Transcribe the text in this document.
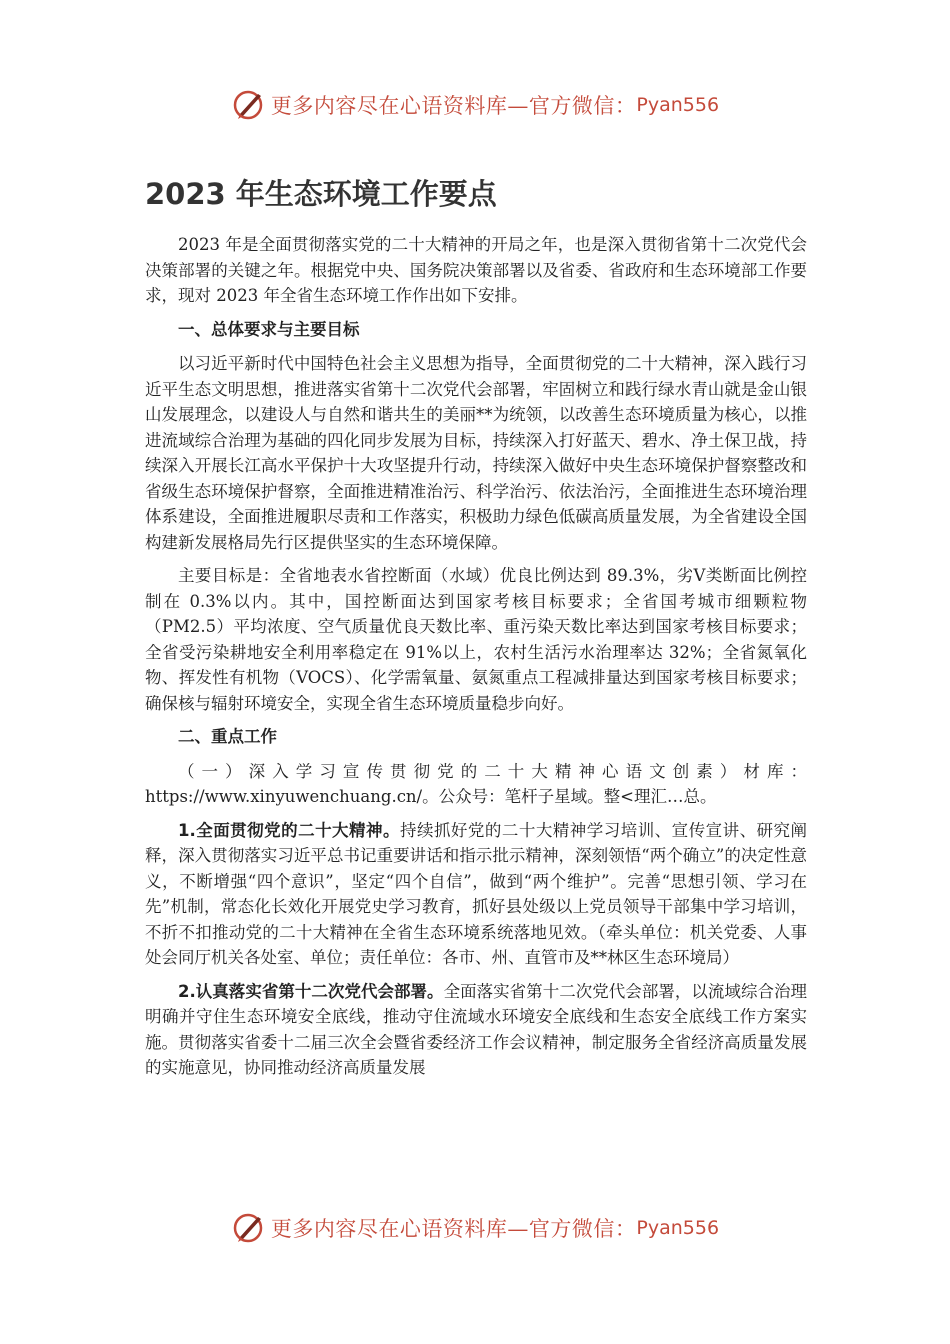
更多内容尽在心语资料库—官方微信： Pyan556
2023 年生态环境工作要点

2023 年是全面贯彻落实党的二十大精神的开局之年，也是深入贯彻省第十二次党代会决策部署的关键之年。根据党中央、国务院决策部署以及省委、省政府和生态环境部工作要求，现对 2023 年全省生态环境工作作出如下安排。

一、总体要求与主要目标

以习近平新时代中国特色社会主义思想为指导，全面贯彻党的二十大精神，深入践行习近平生态文明思想，推进落实省第十二次党代会部署，牢固树立和践行绿水青山就是金山银山发展理念，以建设人与自然和谐共生的美丽**为统领，以改善生态环境质量为核心，以推进流域综合治理为基础的四化同步发展为目标，持续深入打好蓝天、碧水、净土保卫战，持续深入开展长江高水平保护十大攻坚提升行动，持续深入做好中央生态环境保护督察整改和省级生态环境保护督察，全面推进精准治污、科学治污、依法治污，全面推进生态环境治理体系建设，全面推进履职尽责和工作落实，积极助力绿色低碳高质量发展，为全省建设全国构建新发展格局先行区提供坚实的生态环境保障。

主要目标是：全省地表水省控断面（水域）优良比例达到 89.3%，劣Ⅴ类断面比例控制在 0.3%以内。其中，国控断面达到国家考核目标要求；全省国考城市细颗粒物（PM2.5）平均浓度、空气质量优良天数比率、重污染天数比率达到国家考核目标要求；全省受污染耕地安全利用率稳定在 91%以上，农村生活污水治理率达 32%；全省氮氧化物、挥发性有机物（VOCS）、化学需氧量、氨氮重点工程减排量达到国家考核目标要求；确保核与辐射环境安全，实现全省生态环境质量稳步向好。

二、重点工作

（一）深入学习宣传贯彻党的二十大精神心语文创素）材库： https://www.xinyuwenchuang.cn/。公众号：笔杆子星域。整<理汇…总。

1.全面贯彻党的二十大精神。持续抓好党的二十大精神学习培训、宣传宣讲、研究阐释，深入贯彻落实习近平总书记重要讲话和指示批示精神，深刻领悟“两个确立”的决定性意义，不断增强“四个意识”，坚定“四个自信”，做到“两个维护”。完善“思想引领、学习在先”机制，常态化长效化开展党史学习教育，抓好县处级以上党员领导干部集中学习培训，不折不扣推动党的二十大精神在全省生态环境系统落地见效。（牵头单位：机关党委、人事处会同厅机关各处室、单位；责任单位：各市、州、直管市及**林区生态环境局）

2.认真落实省第十二次党代会部署。全面落实省第十二次党代会部署，以流域综合治理明确并守住生态环境安全底线，推动守住流域水环境安全底线和生态安全底线工作方案实施。贯彻落实省委十二届三次全会暨省委经济工作会议精神，制定服务全省经济高质量发展的实施意见，协同推动经济高质量发展

更多内容尽在心语资料库—官方微信： Pyan556
